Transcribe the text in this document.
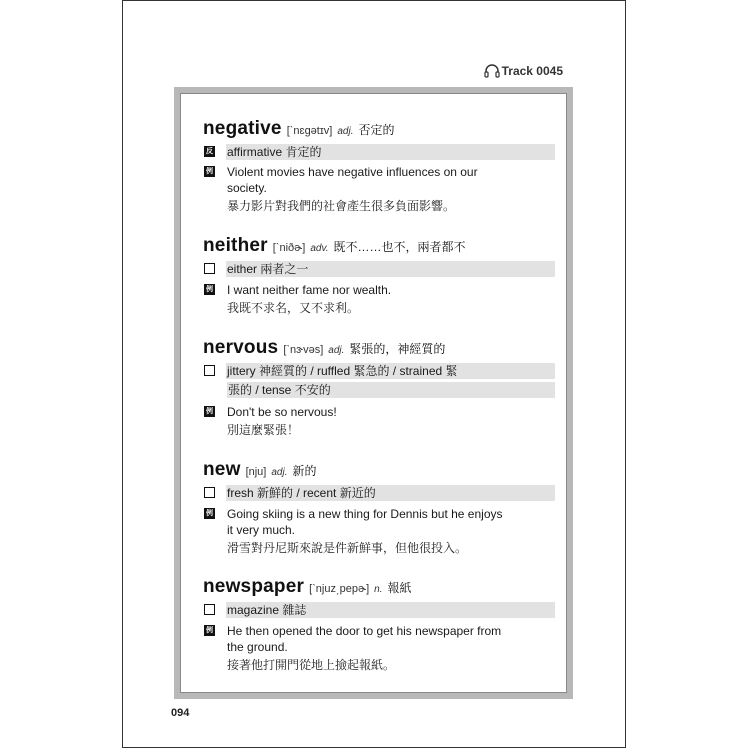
Track 0045
negative [ˋnɛgətɪv] adj. 否定的
反 affirmative 肯定的
例 Violent movies have negative influences on our
society.
暴力影片對我們的社會產生很多負面影響。
neither [ˋniðɚ] adv. 既不……也不，兩者都不
either 兩者之一
例 I want neither fame nor wealth.
我既不求名，又不求利。
nervous [ˋnɝvəs] adj. 緊張的，神經質的
jittery 神經質的 / ruffled 緊急的 / strained 緊
張的 / tense 不安的
例 Don't be so nervous!
別這麼緊張！
new [nju] adj. 新的
fresh 新鮮的 / recent 新近的
例 Going skiing is a new thing for Dennis but he enjoys
it very much.
滑雪對丹尼斯來說是件新鮮事，但他很投入。
newspaper [ˋnjuz͵pepɚ] n. 報紙
magazine 雜誌
例 He then opened the door to get his newspaper from
the ground.
接著他打開門從地上撿起報紙。
094
